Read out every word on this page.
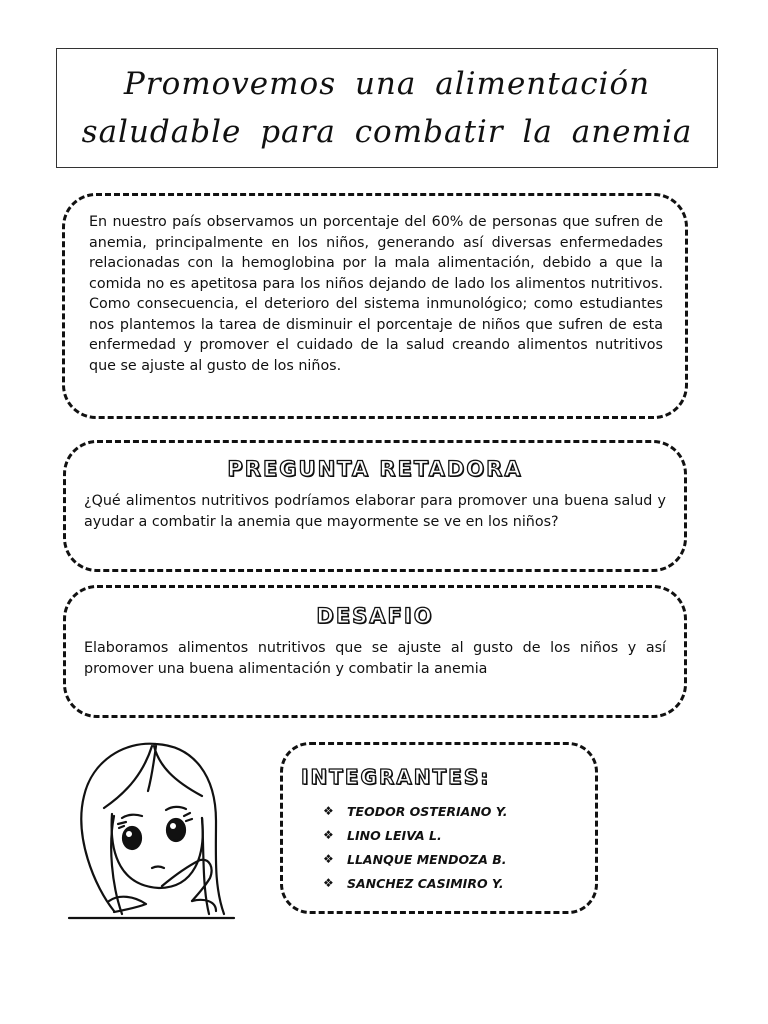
Promovemos una alimentación saludable para combatir la anemia
En nuestro país observamos un porcentaje del 60% de personas que sufren de anemia, principalmente en los niños, generando así diversas enfermedades relacionadas con la hemoglobina por la mala alimentación, debido a que la comida no es apetitosa para los niños dejando de lado los alimentos nutritivos. Como consecuencia, el deterioro del sistema inmunológico; como estudiantes nos plantemos la tarea de disminuir el porcentaje de niños que sufren de esta enfermedad y promover el cuidado de la salud creando alimentos nutritivos que se ajuste al gusto de los niños.
PREGUNTA RETADORA
¿Qué alimentos nutritivos podríamos elaborar para promover una buena salud y ayudar a combatir la anemia que mayormente se ve en los niños?
DESAFIO
Elaboramos alimentos nutritivos que se ajuste al gusto de los niños y así promover una buena alimentación y combatir la anemia
INTEGRANTES:
❖ TEODOR OSTERIANO Y.
❖ LINO LEIVA L.
❖ LLANQUE MENDOZA B.
❖ SANCHEZ CASIMIRO Y.
